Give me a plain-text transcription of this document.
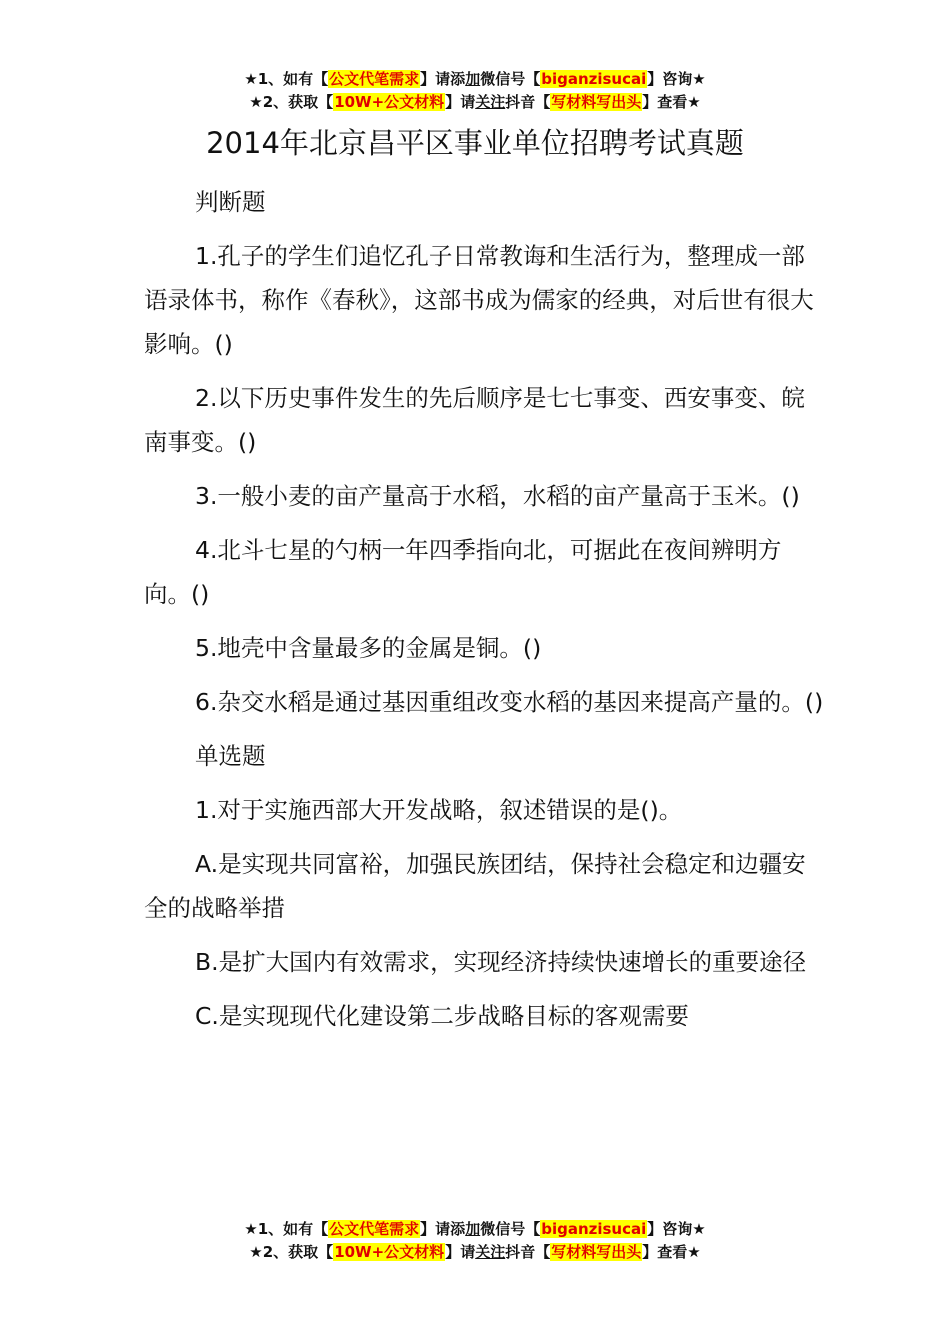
★1、如有【公文代笔需求】请添加微信号【biganzisucai】咨询★
★2、获取【10W+公文材料】请关注抖音【写材料写出头】查看★
2014年北京昌平区事业单位招聘考试真题

判断题

1.孔子的学生们追忆孔子日常教诲和生活行为，整理成一部语录体书，称作《春秋》，这部书成为儒家的经典，对后世有很大影响。()

2.以下历史事件发生的先后顺序是七七事变、西安事变、皖南事变。()

3.一般小麦的亩产量高于水稻，水稻的亩产量高于玉米。()

4.北斗七星的勺柄一年四季指向北，可据此在夜间辨明方向。()

5.地壳中含量最多的金属是铜。()

6.杂交水稻是通过基因重组改变水稻的基因来提高产量的。()

单选题

1.对于实施西部大开发战略，叙述错误的是()。

A.是实现共同富裕，加强民族团结，保持社会稳定和边疆安全的战略举措

B.是扩大国内有效需求，实现经济持续快速增长的重要途径

C.是实现现代化建设第二步战略目标的客观需要

★1、如有【公文代笔需求】请添加微信号【biganzisucai】咨询★
★2、获取【10W+公文材料】请关注抖音【写材料写出头】查看★
